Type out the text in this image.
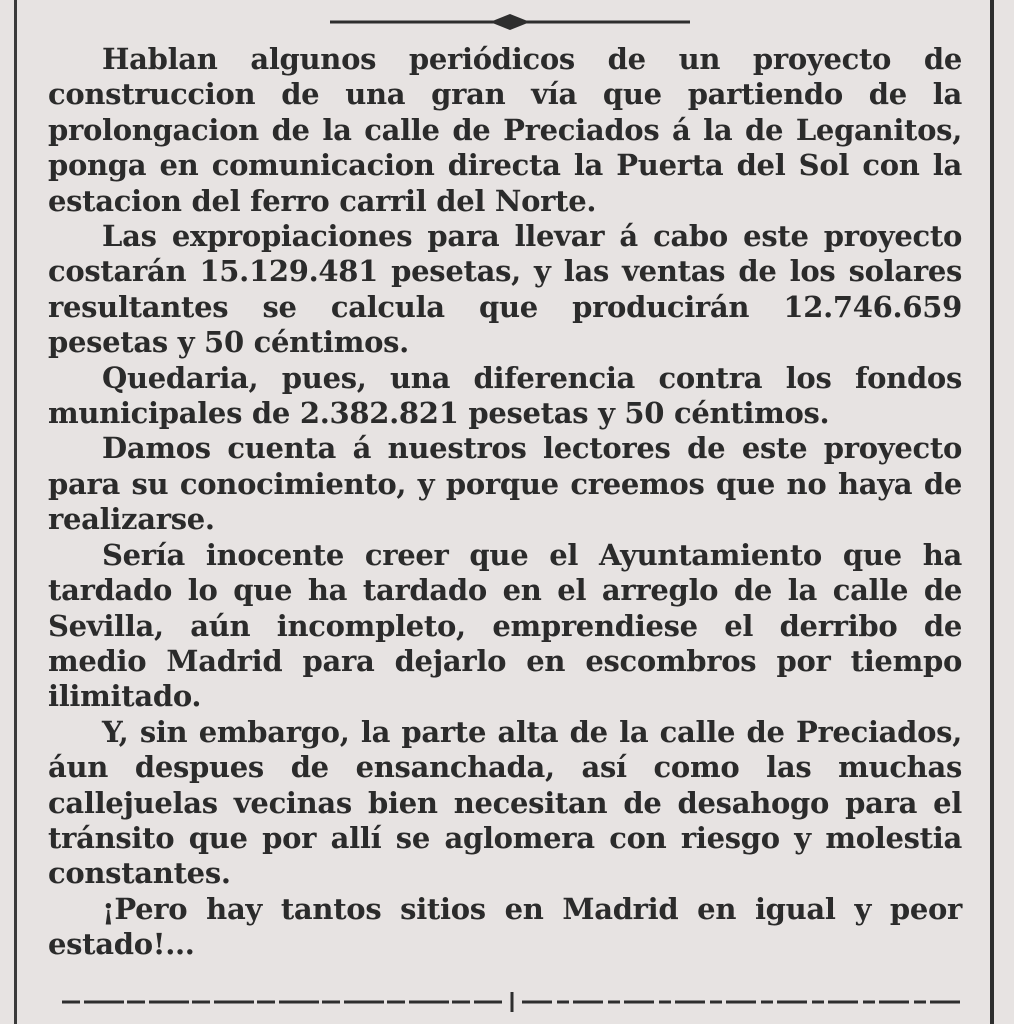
Hablan algunos periódicos de un proyecto de construccion de una gran vía que partiendo de la prolongacion de la calle de Preciados á la de Leganitos, ponga en comunicacion directa la Puerta del Sol con la estacion del ferro carril del Norte.

Las expropiaciones para llevar á cabo este proyecto costarán 15.129.481 pesetas, y las ventas de los solares resultantes se calcula que producirán 12.746.659 pesetas y 50 céntimos.

Quedaria, pues, una diferencia contra los fondos municipales de 2.382.821 pesetas y 50 céntimos.

Damos cuenta á nuestros lectores de este proyecto para su conocimiento, y porque creemos que no haya de realizarse.

Sería inocente creer que el Ayuntamiento que ha tardado lo que ha tardado en el arreglo de la calle de Sevilla, aún incompleto, emprendiese el derribo de medio Madrid para dejarlo en escombros por tiempo ilimitado.

Y, sin embargo, la parte alta de la calle de Preciados, áun despues de ensanchada, así como las muchas callejuelas vecinas bien necesitan de desahogo para el tránsito que por allí se aglomera con riesgo y molestia constantes.

¡Pero hay tantos sitios en Madrid en igual y peor estado!...
